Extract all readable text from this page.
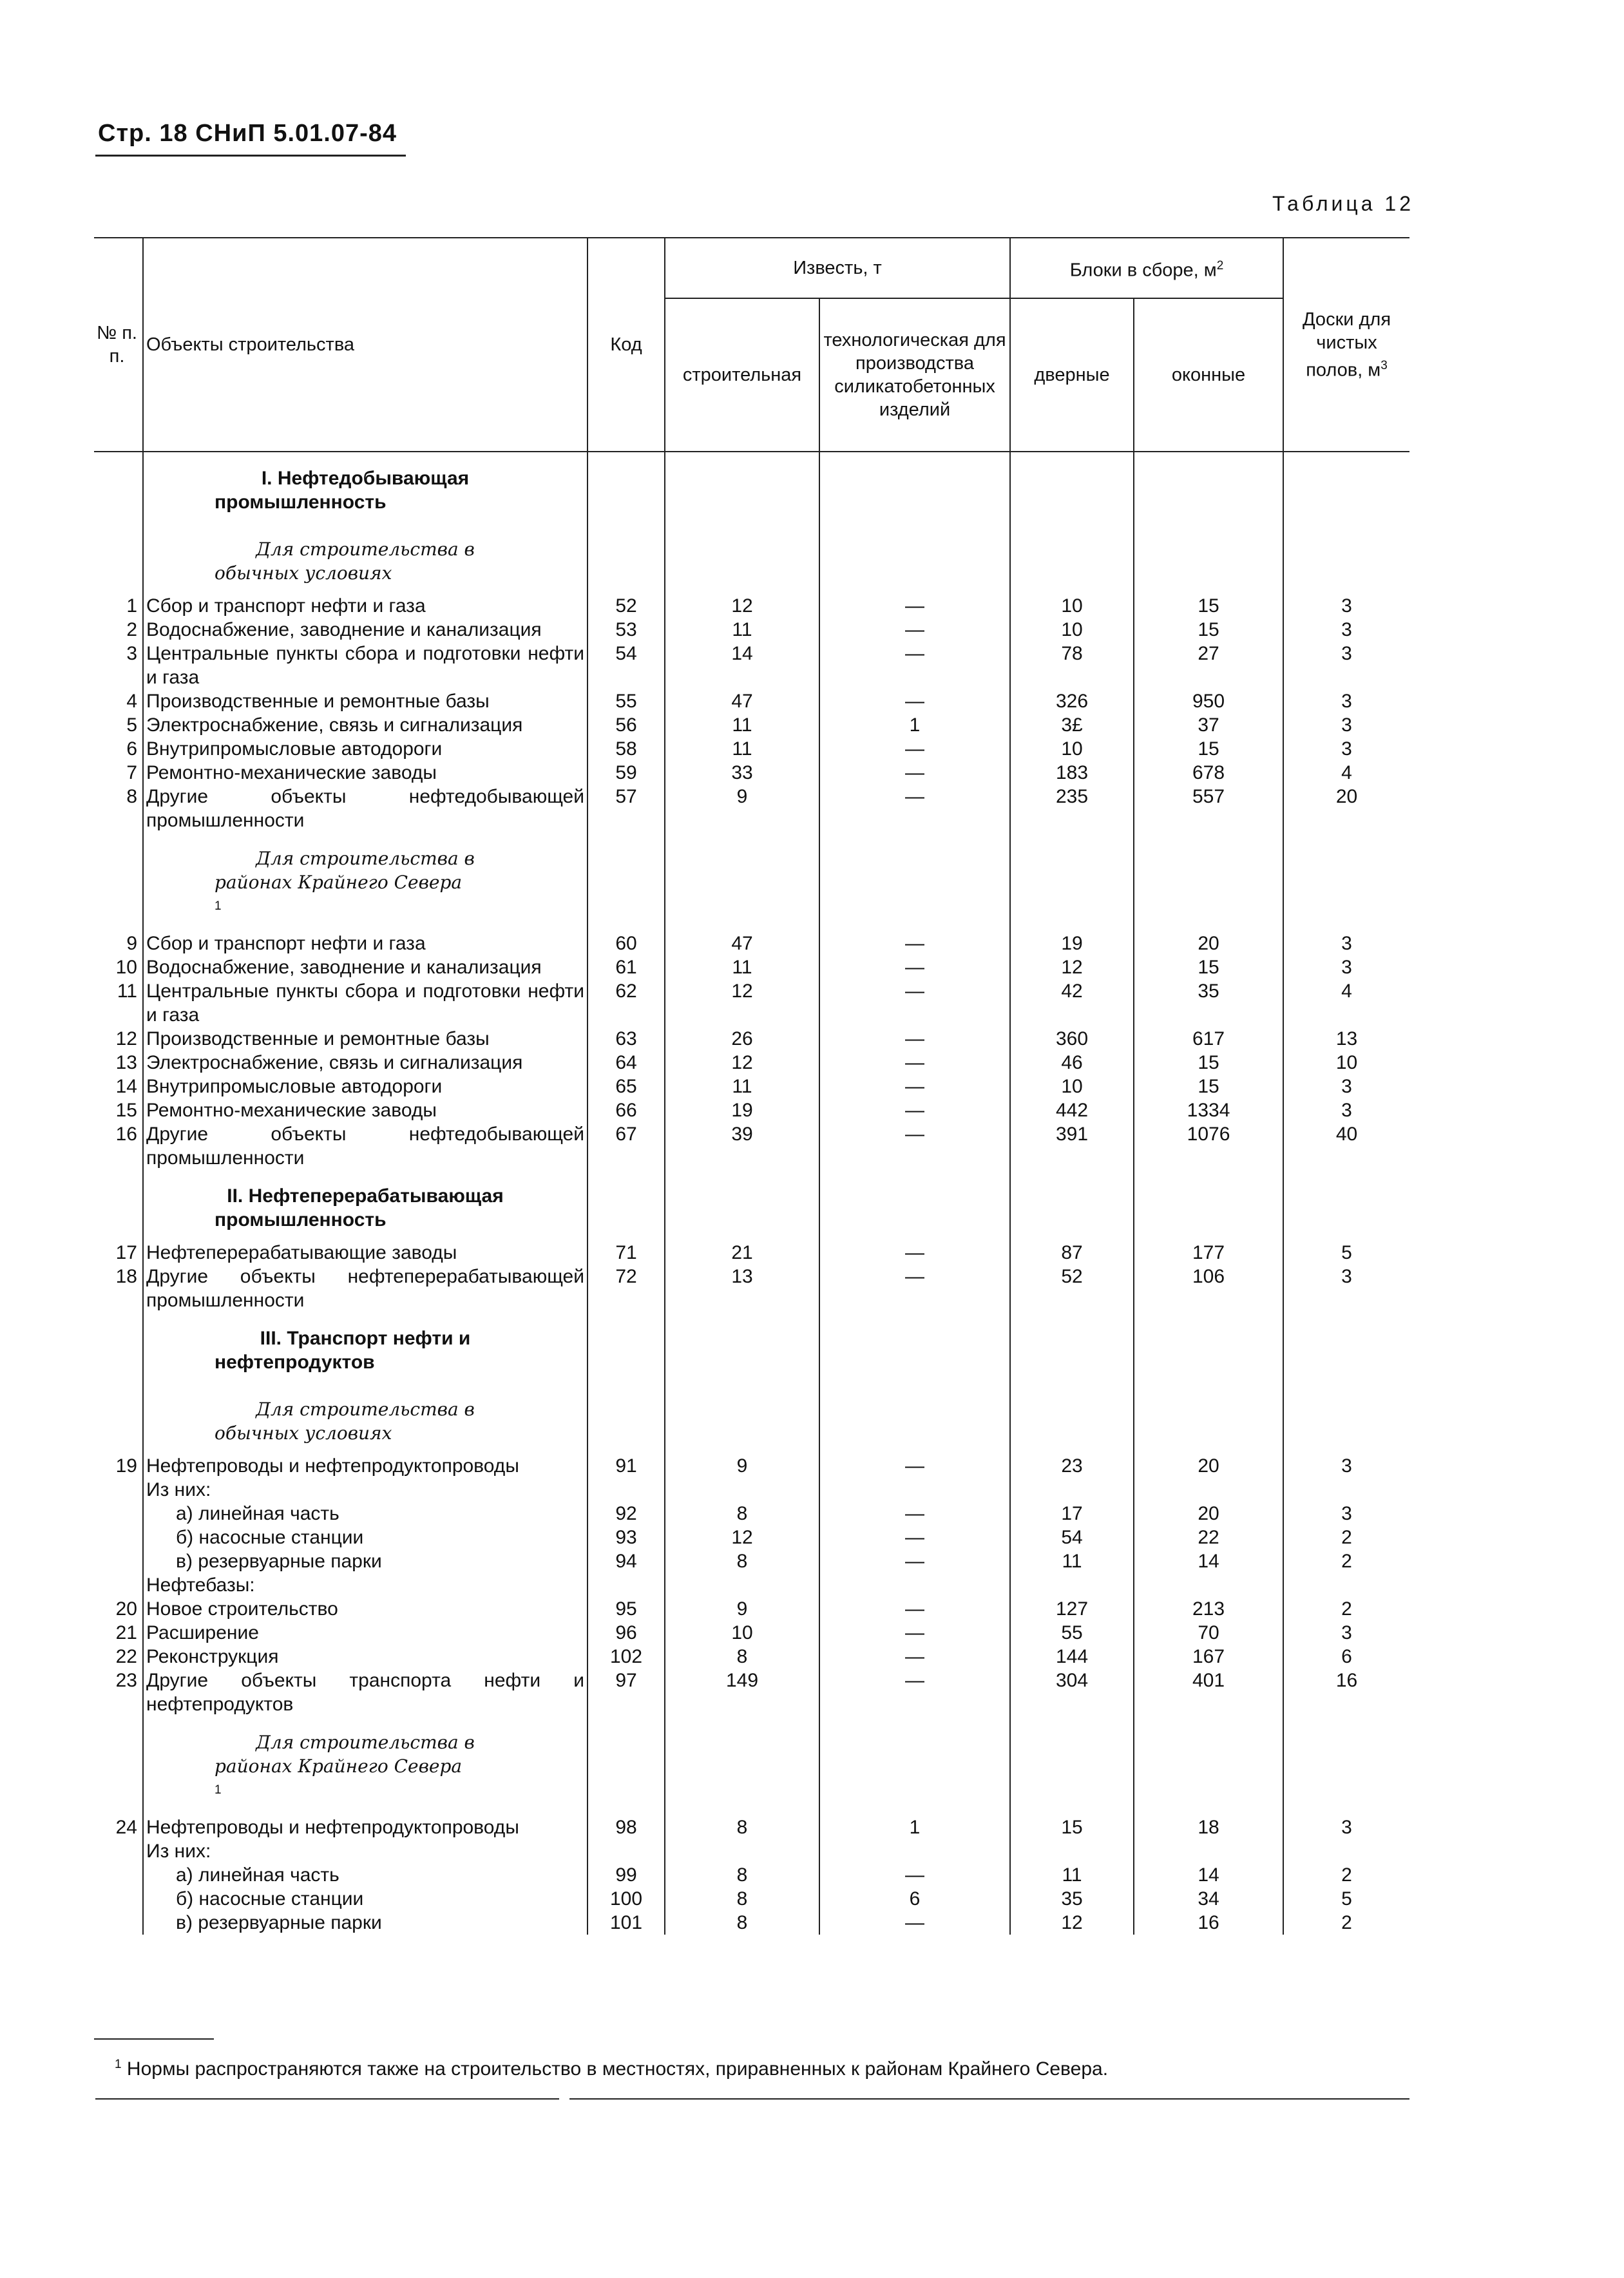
Стр. 18 СНиП 5.01.07-84
Таблица 12
№ п. п.	Объекты строительства	Код	Известь, т		Блоки в сборе, $м^2$		Доски для чистых полов, $м^3$
			строительная	технологическая для производства силикатобетонных изделий	дверные	оконные	

	I. Нефтедобывающая промышленность						

	Для строительства в обычных условиях						

1	Сбор и транспорт нефти и газа	52	12	—	10	15	3
2	Водоснабжение, заводнение и канализация	53	11	—	10	15	3
3	Центральные пункты сбора и подготовки нефти и газа	54	14	—	78	27	3
4	Производственные и ремонтные базы	55	47	—	326	950	3
5	Электроснабжение, связь и сигнализация	56	11	1	3£	37	3
6	Внутрипромысловые автодороги	58	11	—	10	15	3
7	Ремонтно-механические заводы	59	33	—	183	678	4
8	Другие объекты нефтедобывающей промышленности	57	9	—	235	557	20

	Для строительства в районах Крайнего Севера
$^1$						
9	Сбор и транспорт нефти и газа	60	47	—	19	20	3
10	Водоснабжение, заводнение и канализация	61	11	—	12	15	3
11	Центральные пункты сбора и подготовки нефти и газа	62	12	—	42	35	4
12	Производственные и ремонтные базы	63	26	—	360	617	13
13	Электроснабжение, связь и сигнализация	64	12	—	46	15	10
14	Внутрипромысловые автодороги	65	11	—	10	15	3
15	Ремонтно-механические заводы	66	19	—	442	1334	3
16	Другие объекты нефтедобывающей промышленности	67	39	—	391	1076	40

	II. Нефтеперерабатывающая промышленность						

17	Нефтеперерабатывающие заводы	71	21	—	87	177	5
18	Другие объекты нефтеперерабатывающей промышленности	72	13	—	52	106	3

	III. Транспорт нефти и нефтепродуктов						

	Для строительства в обычных условиях						

19	Нефтепроводы и нефтепродуктопроводы	91	9	—	23	20	3
	Из них:						
	а) линейная часть	92	8	—	17	20	3
	б) насосные станции	93	12	—	54	22	2
	в) резервуарные парки	94	8	—	11	14	2
	Нефтебазы:						
20	Новое строительство	95	9	—	127	213	2
21	Расширение	96	10	—	55	70	3
22	Реконструкция	102	8	—	144	167	6
23	Другие объекты транспорта нефти и нефтепродуктов	97	149	—	304	401	16

	Для строительства в районах Крайнего Севера
$^1$						
24	Нефтепроводы и нефтепродуктопроводы	98	8	1	15	18	3
	Из них:						
	а) линейная часть	99	8	—	11	14	2
	б) насосные станции	100	8	6	35	34	5
	в) резервуарные парки	101	8	—	12	16	2
$^1$ Нормы распространяются также на строительство в местностях, приравненных к районам Крайнего Севера.
